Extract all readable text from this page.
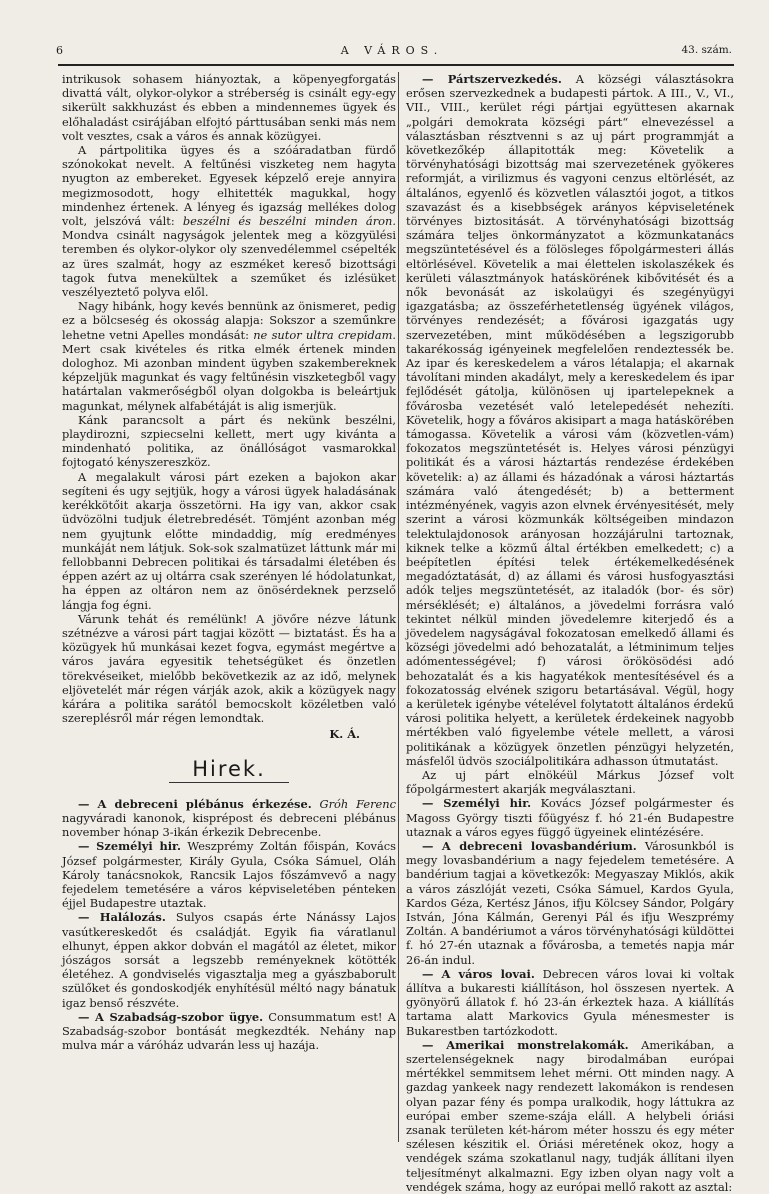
6	A VÁROS.	43. szám.

intrikusok sohasem hiányoztak, a köpenyegforgatás divattá vált, olykor-olykor a stréberség is csinált egy-egy sikerült sakkhuzást és ebben a mindennemes ügyek és előhaladást csirájában elfojtó párttusában senki más nem volt vesztes, csak a város és annak közügyei.

A pártpolitika ügyes és a szóáradatban fürdő szónokokat nevelt. A feltűnési viszketeg nem hagyta nyugton az embereket. Egyesek képzelő ereje annyira megizmosodott, hogy elhitették magukkal, hogy mindenhez értenek. A lényeg és igazság mellékes dolog volt, jelszóvá vált: beszélni és beszélni minden áron. Mondva csinált nagyságok jelentek meg a közgyülési teremben és olykor-olykor oly szenvedélemmel csépelték az üres szalmát, hogy az eszméket kereső bizottsági tagok futva menekültek a szeműket és izlésüket veszélyeztető polyva elől.

Nagy hibánk, hogy kevés bennünk az önismeret, pedig ez a bölcseség és okosság alapja: Sokszor a szeműnkre lehetne vetni Apelles mondását: ne sutor ultra crepidam. Mert csak kivételes és ritka elmék értenek minden dologhoz. Mi azonban mindent ügyben szakembereknek képzeljük magunkat és vagy feltűnésin viszketegből vagy határtalan vakmerőségből olyan dolgokba is beleártjuk magunkat, mélynek alfabétáját is alig ismerjük.

Kánk parancsolt a párt és nekünk beszélni, playdirozni, szpiecselni kellett, mert ugy kivánta a mindenható politika, az önállóságot vasmarokkal fojtogató kényszereszköz.

A megalakult városi párt ezeken a bajokon akar segíteni és ugy sejtjük, hogy a városi ügyek haladásának kerékkötőit akarja összetörni. Ha igy van, akkor csak üdvözölni tudjuk életrebredését. Tömjént azonban még nem gyujtunk előtte mindaddig, míg eredményes munkáját nem látjuk. Sok-sok szalmatüzet láttunk már mi fellobbanni Debrecen politikai és társadalmi életében és éppen azért az uj oltárra csak szerényen lé hódolatunkat, ha éppen az oltáron nem az önösérdeknek perzselő lángja fog égni.

Várunk tehát és remélünk! A jövőre nézve látunk szétnézve a városi párt tagjai között — biztatást. És ha a közügyek hű munkásai kezet fogva, egymást megértve a város javára egyesitik tehetségüket és önzetlen törekvéseiket, mielőbb bekövetkezik az az idő, melynek eljövetelét már régen várják azok, akik a közügyek nagy kárára a politika sarától bemocskolt közéletben való szereplésről már régen lemondtak.

K. Á.

Hirek.

— A debreceni plébánus érkezése. Gróh Ferenc nagyváradi kanonok, kisprépost és debreceni plébánus november hónap 3-ikán érkezik Debrecenbe.

— Személyi hir. Weszprémy Zoltán főispán, Kovács József polgármester, Király Gyula, Csóka Sámuel, Oláh Károly tanácsnokok, Rancsik Lajos főszámvevő a nagy fejedelem temetésére a város képviseletében pénteken éjjel Budapestre utaztak.

— Halálozás. Sulyos csapás érte Nánássy Lajos vasútkereskedőt és családját. Egyik fia váratlanul elhunyt, éppen akkor dobván el magától az életet, mikor jószágos sorsát a legszebb reményeknek kötötték életéhez. A gondviselés vigasztalja meg a gyászbaborult szülőket és gondoskodjék enyhítésül méltó nagy bánatuk igaz benső részvéte.

— A Szabadság-szobor ügye. Consummatum est! A Szabadság-szobor bontását megkezdték. Nehány nap mulva már a váróház udvarán less uj hazája.

— Pártszervezkedés. A községi választásokra erősen szervezkednek a budapesti pártok. A III., V., VI., VII., VIII., kerület régi pártjai együttesen akarnak „polgári demokrata községi párt“ elnevezéssel a választásban résztvenni s az uj párt programmját a következőkép állapitották meg: Követelik a törvényhatósági bizottság mai szervezetének gyökeres reformját, a virilizmus és vagyoni cenzus eltörlését, az általános, egyenlő és közvetlen választói jogot, a titkos szavazást és a kisebbségek arányos képviseletének törvényes biztositását. A törvényhatósági bizottság számára teljes önkormányzatot a közmunkatanács megszüntetésével és a fölösleges főpolgármesteri állás eltörlésével. Követelik a mai élettelen iskolaszékek és kerületi választmányok hatáskörének kibővitését és a nők bevonását az iskolaügyi és szegényügyi igazgatásba; az összeférhetetlenség ügyének világos, törvényes rendezését; a fővárosi igazgatás ugy szervezetében, mint működésében a legszigorubb takarékosság igényeinek megfelelően rendeztessék be. Az ipar és kereskedelem a város létalapja; el akarnak távolítani minden akadályt, mely a kereskedelem és ipar fejlődését gátolja, különösen uj ipartelepeknek a fővárosba vezetését való letelepedését nehezíti. Követelik, hogy a főváros akisipart a maga hatáskörében támogassa. Követelik a városi vám (közvetlen-vám) fokozatos megszüntetését is. Helyes városi pénzügyi politikát és a városi háztartás rendezése érdekében követelik: a) az állami és házadónak a városi háztartás számára való átengedését; b) a betterment intézményének, vagyis azon elvnek érvényesitését, mely szerint a városi közmunkák költségeiben mindazon telektulajdonosok arányosan hozzájárulni tartoznak, kiknek telke a közmű által értékben emelkedett; c) a beépítetlen építési telek értékemelkedésének megadóztatását, d) az állami és városi husfogyasztási adók teljes megszüntetését, az italadók (bor- és sör) mérséklését; e) általános, a jövedelmi forrásra való tekintet nélkül minden jövedelemre kiterjedő és a jövedelem nagyságával fokozatosan emelkedő állami és községi jövedelmi adó behozatalát, a létminimum teljes adómentességével; f) városi örökösödési adó behozatalát és a kis hagyatékok mentesítésével és a fokozatosság elvének szigoru betartásával. Végül, hogy a kerületek igénybe vételével folytatott általános érdekű városi politika helyett, a kerületek érdekeinek nagyobb mértékben való figyelembe vétele mellett, a városi politikának a közügyek önzetlen pénzügyi helyzetén, másfelől üdvös szociálpolitikára adhasson útmutatást.

Az uj párt elnökéül Márkus József volt főpolgármestert akarják megválasztani.

— Személyi hir. Kovács József polgármester és Magoss György tiszti főügyész f. hó 21-én Budapestre utaznak a város egyes függő ügyeinek elintézésére.

— A debreceni lovasbandérium. Városunkból is megy lovasbandérium a nagy fejedelem temetésére. A bandérium tagjai a következők: Megyaszay Miklós, akik a város zászlóját vezeti, Csóka Sámuel, Kardos Gyula, Kardos Géza, Kertész János, ifju Kölcsey Sándor, Polgáry István, Jóna Kálmán, Gerenyi Pál és ifju Weszprémy Zoltán. A bandériumot a város törvényhatósági küldöttei f. hó 27-én utaznak a fővárosba, a temetés napja már 26-án indul.

— A város lovai. Debrecen város lovai ki voltak állítva a bukaresti kiállításon, hol összesen nyertek. A gyönyörű állatok f. hó 23-án érkeztek haza. A kiállítás tartama alatt Markovics Gyula ménesmester is Bukarestben tartózkodott.

— Amerikai monstrelakomák. Amerikában, a szertelenségeknek nagy birodalmában európai mértékkel semmitsem lehet mérni. Ott minden nagy. A gazdag yankeek nagy rendezett lakomákon is rendesen olyan pazar fény és pompa uralkodik, hogy láttukra az európai ember szeme-szája eláll. A helybeli óriási zsanak területen két-három méter hosszu és egy méter szélesen készitik el. Óriási méretének okoz, hogy a vendégek száma szokatlanul nagy, tudják állítani ilyen teljesítményt alkalmazni. Egy izben olyan nagy volt a vendégek száma, hogy az európai mellő rakott az asztal:
